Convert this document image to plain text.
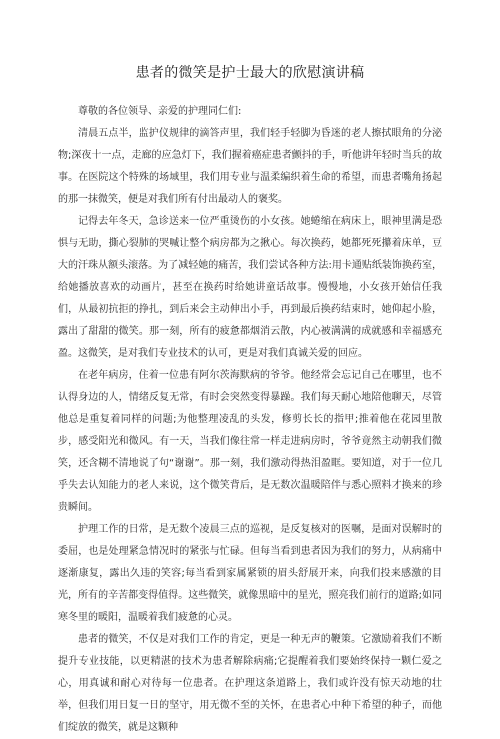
患者的微笑是护士最大的欣慰演讲稿

尊敬的各位领导、亲爱的护理同仁们:

清晨五点半，监护仪规律的滴答声里，我们轻手轻脚为昏迷的老人擦拭眼角的分泌物;深夜十一点，走廊的应急灯下，我们握着癌症患者颤抖的手，听他讲年轻时当兵的故事。在医院这个特殊的场域里，我们用专业与温柔编织着生命的希望，而患者嘴角扬起的那一抹微笑，便是对我们所有付出最动人的褒奖。

记得去年冬天，急诊送来一位严重烫伤的小女孩。她蜷缩在病床上，眼神里满是恐惧与无助，撕心裂肺的哭喊让整个病房都为之揪心。每次换药，她都死死攥着床单，豆大的汗珠从额头滚落。为了减轻她的痛苦，我们尝试各种方法:用卡通贴纸装饰换药室，给她播放喜欢的动画片，甚至在换药时给她讲童话故事。慢慢地，小女孩开始信任我们，从最初抗拒的挣扎，到后来会主动伸出小手，再到最后换药结束时，她仰起小脸，露出了甜甜的微笑。那一刻，所有的疲惫都烟消云散，内心被满满的成就感和幸福感充盈。这微笑，是对我们专业技术的认可，更是对我们真诚关爱的回应。

在老年病房，住着一位患有阿尔茨海默病的爷爷。他经常会忘记自己在哪里，也不认得身边的人，情绪反复无常，有时会突然变得暴躁。我们每天耐心地陪他聊天，尽管他总是重复着同样的问题;为他整理凌乱的头发，修剪长长的指甲;推着他在花园里散步，感受阳光和微风。有一天，当我们像往常一样走进病房时，爷爷竟然主动朝我们微笑，还含糊不清地说了句“谢谢”。那一刻，我们激动得热泪盈眶。要知道，对于一位几乎失去认知能力的老人来说，这个微笑背后，是无数次温暖陪伴与悉心照料才换来的珍贵瞬间。

护理工作的日常，是无数个凌晨三点的巡视，是反复核对的医嘱，是面对误解时的委屈，也是处理紧急情况时的紧张与忙碌。但每当看到患者因为我们的努力，从病痛中逐渐康复，露出久违的笑容;每当看到家属紧锁的眉头舒展开来，向我们投来感激的目光，所有的辛苦都变得值得。这些微笑，就像黑暗中的星光，照亮我们前行的道路;如同寒冬里的暖阳，温暖着我们疲惫的心灵。

患者的微笑，不仅是对我们工作的肯定，更是一种无声的鞭策。它激励着我们不断提升专业技能，以更精湛的技术为患者解除病痛;它提醒着我们要始终保持一颗仁爱之心，用真诚和耐心对待每一位患者。在护理这条道路上，我们或许没有惊天动地的壮举，但我们用日复一日的坚守，用无微不至的关怀，在患者心中种下希望的种子，而他们绽放的微笑，就是这颗种
